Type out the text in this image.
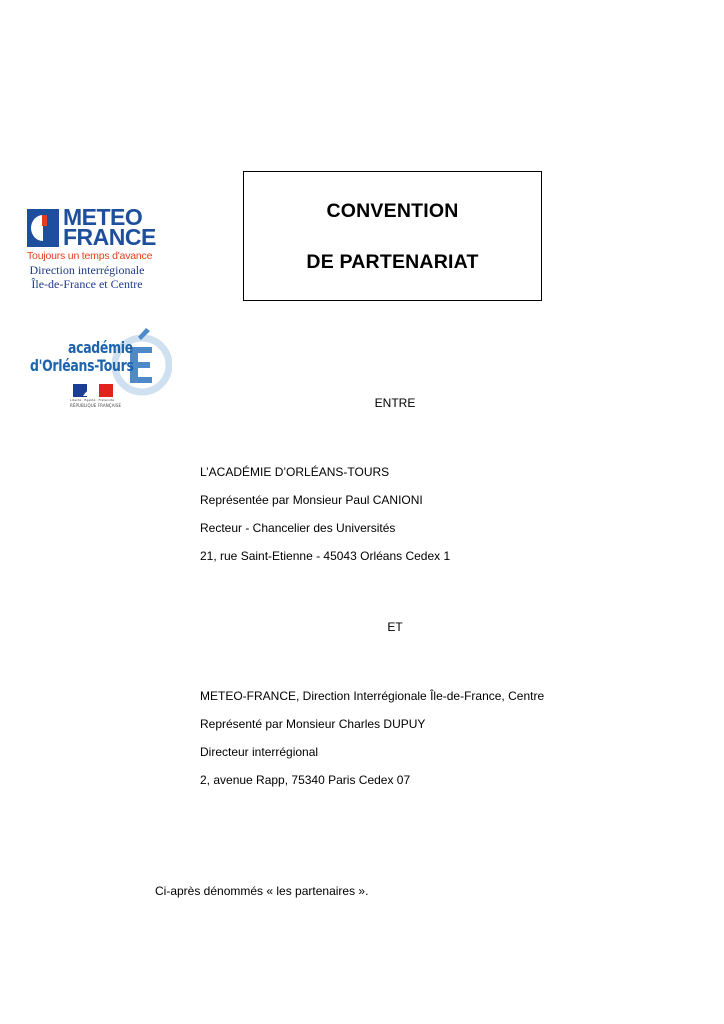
METEO
FRANCE
Toujours un temps d'avance
Direction interrégionale
Île-de-France et Centre
académie
d'Orléans-Tours
Liberté · Égalité · Fraternité
RÉPUBLIQUE FRANÇAISE
CONVENTION
DE PARTENARIAT
ENTRE
L’ACADÉMIE D’ORLÉANS-TOURS
Représentée par Monsieur Paul CANIONI
Recteur - Chancelier des Universités
21, rue Saint-Etienne - 45043 Orléans Cedex 1
ET
METEO-FRANCE, Direction Interrégionale Île-de-France, Centre
Représenté par Monsieur Charles DUPUY
Directeur interrégional
2, avenue Rapp, 75340 Paris Cedex 07
Ci-après dénommés « les partenaires ».
